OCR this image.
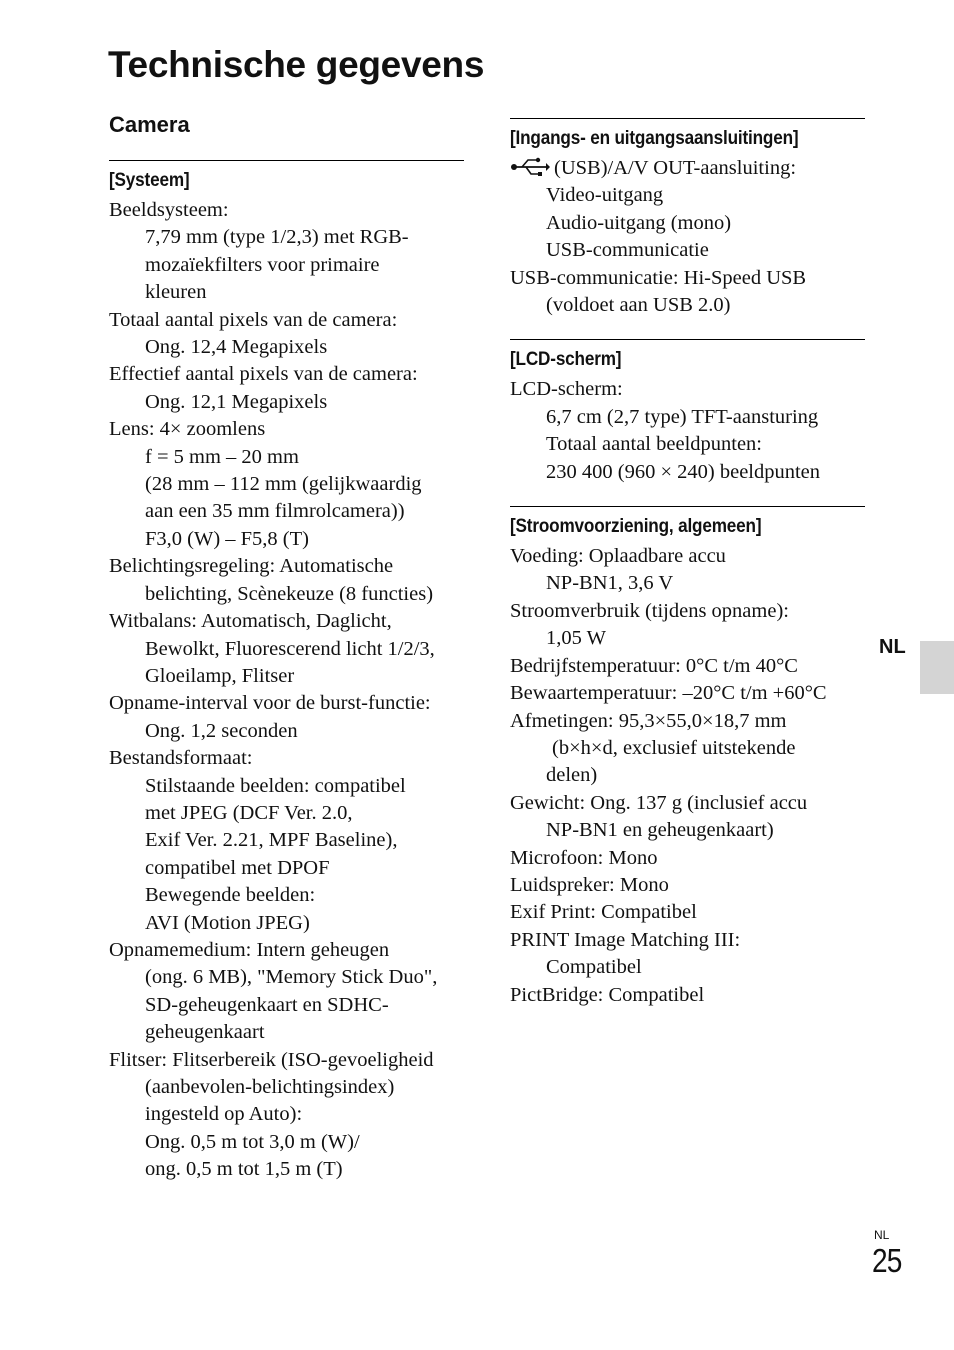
Technische gegevens
Camera
[Systeem]
Beeldsysteem:
7,79 mm (type 1/2,3) met RGB-
mozaïekfilters voor primaire
kleuren
Totaal aantal pixels van de camera:
Ong. 12,4 Megapixels
Effectief aantal pixels van de camera:
Ong. 12,1 Megapixels
Lens: 4× zoomlens
f = 5 mm – 20 mm
(28 mm – 112 mm (gelijkwaardig
aan een 35 mm filmrolcamera))
F3,0 (W) – F5,8 (T)
Belichtingsregeling: Automatische
belichting, Scènekeuze (8 functies)
Witbalans: Automatisch, Daglicht,
Bewolkt, Fluorescerend licht 1/2/3,
Gloeilamp, Flitser
Opname-interval voor de burst-functie:
Ong. 1,2 seconden
Bestandsformaat:
Stilstaande beelden: compatibel
met JPEG (DCF Ver. 2.0,
Exif Ver. 2.21, MPF Baseline),
compatibel met DPOF
Bewegende beelden:
AVI (Motion JPEG)
Opnamemedium: Intern geheugen
(ong. 6 MB), "Memory Stick Duo",
SD-geheugenkaart en SDHC-
geheugenkaart
Flitser: Flitserbereik (ISO-gevoeligheid
(aanbevolen-belichtingsindex)
ingesteld op Auto):
Ong. 0,5 m tot 3,0 m (W)/
ong. 0,5 m tot 1,5 m (T)
[Ingangs- en uitgangsaansluitingen]
(USB)/A/V OUT-aansluiting:
Video-uitgang
Audio-uitgang (mono)
USB-communicatie
USB-communicatie: Hi-Speed USB
(voldoet aan USB 2.0)
[LCD-scherm]
LCD-scherm:
6,7 cm (2,7 type) TFT-aansturing
Totaal aantal beeldpunten:
230 400 (960 × 240) beeldpunten
[Stroomvoorziening, algemeen]
Voeding: Oplaadbare accu
NP-BN1, 3,6 V
Stroomverbruik (tijdens opname):
1,05 W
Bedrijfstemperatuur: 0°C t/m 40°C
Bewaartemperatuur: –20°C t/m +60°C
Afmetingen: 95,3×55,0×18,7 mm
(b×h×d, exclusief uitstekende
delen)
Gewicht: Ong. 137 g (inclusief accu
NP-BN1 en geheugenkaart)
Microfoon: Mono
Luidspreker: Mono
Exif Print: Compatibel
PRINT Image Matching III:
Compatibel
PictBridge: Compatibel
NL
NL
25
